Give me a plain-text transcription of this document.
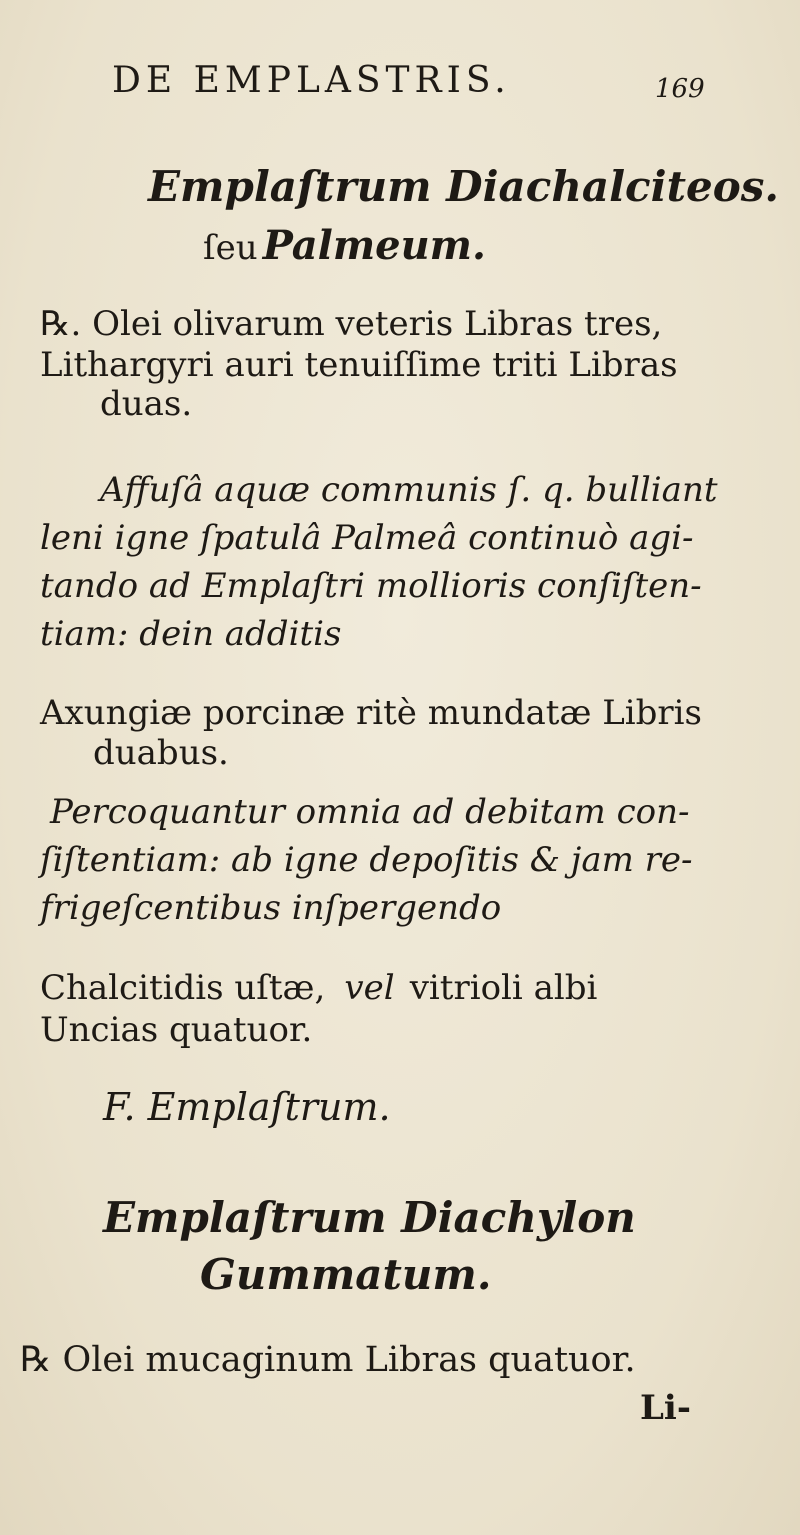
DE EMPLASTRIS.	169
Emplaſtrum Diachalciteos.
ſeu Palmeum.
℞. Olei olivarum veteris Libras tres,
Lithargyri auri tenuiſſime triti Libras
duas.
Affuſâ aquæ communis ſ. q. bulliant
leni igne ſpatulâ Palmeâ continuò agi-
tando ad Emplaſtri mollioris conſiſten-
tiam: dein additis
Axungiæ porcinæ ritè mundatæ Libris
duabus.
Percoquantur omnia ad debitam con-
ſiſtentiam: ab igne depoſitis & jam re-
frigeſcentibus inſpergendo
Chalcitidis uſtæ, vel vitrioli albi
Uncias quatuor.
F. Emplaſtrum.
Emplaſtrum Diachylon
Gummatum.
℞ Olei mucaginum Libras quatuor.
Li-
